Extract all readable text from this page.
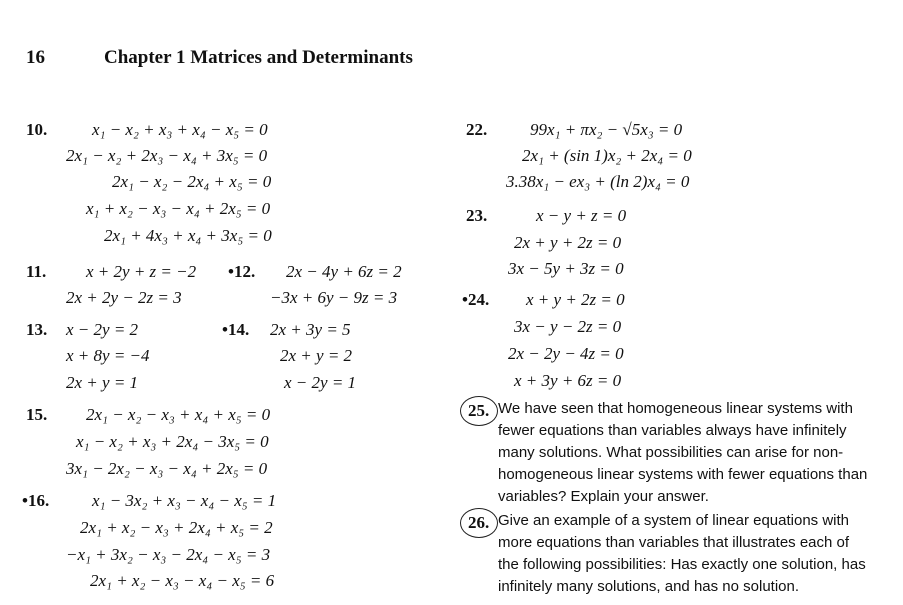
16	Chapter 1 Matrices and Determinants
10.	x₁ − x₂ + x₃ + x₄ − x₅ = 0
2x₁ − x₂ + 2x₃ − x₄ + 3x₅ = 0
2x₁ − x₂ − 2x₄ + x₅ = 0
x₁ + x₂ − x₃ − x₄ + 2x₅ = 0
2x₁ + 4x₃ + x₄ + 3x₅ = 0
11. x + 2y + z = −2
2x + 2y − 2z = 3
•12. 2x − 4y + 6z = 2
−3x + 6y − 9z = 3
13. x − 2y = 2
x + 8y = −4
2x + y = 1
•14. 2x + 3y = 5
2x + y = 2
x − 2y = 1
15. 2x₁ − x₂ − x₃ + x₄ + x₅ = 0
x₁ − x₂ + x₃ + 2x₄ − 3x₅ = 0
3x₁ − 2x₂ − x₃ − x₄ + 2x₅ = 0
•16.	x₁ − 3x₂ + x₃ − x₄ − x₅ = 1
2x₁ + x₂ − x₃ + 2x₄ + x₅ = 2
−x₁ + 3x₂ − x₃ − 2x₄ − x₅ = 3
2x₁ + x₂ − x₃ − x₄ − x₅ = 6
22.	99x₁ + πx₂ − √5x₃ = 0
2x₁ + (sin 1)x₂ + 2x₄ = 0
3.38x₁ − ex₃ + (ln 2)x₄ = 0
23.	x − y + z = 0
2x + y + 2z = 0
3x − 5y + 3z = 0
•24. x + y + 2z = 0
3x − y − 2z = 0
2x − 2y − 4z = 0
x + 3y + 6z = 0
25. We have seen that homogeneous linear systems with fewer equations than variables always have infinitely many solutions. What possibilities can arise for non-homogeneous linear systems with fewer equations than variables? Explain your answer.
26. Give an example of a system of linear equations with more equations than variables that illustrates each of the following possibilities: Has exactly one solution, has infinitely many solutions, and has no solution.
